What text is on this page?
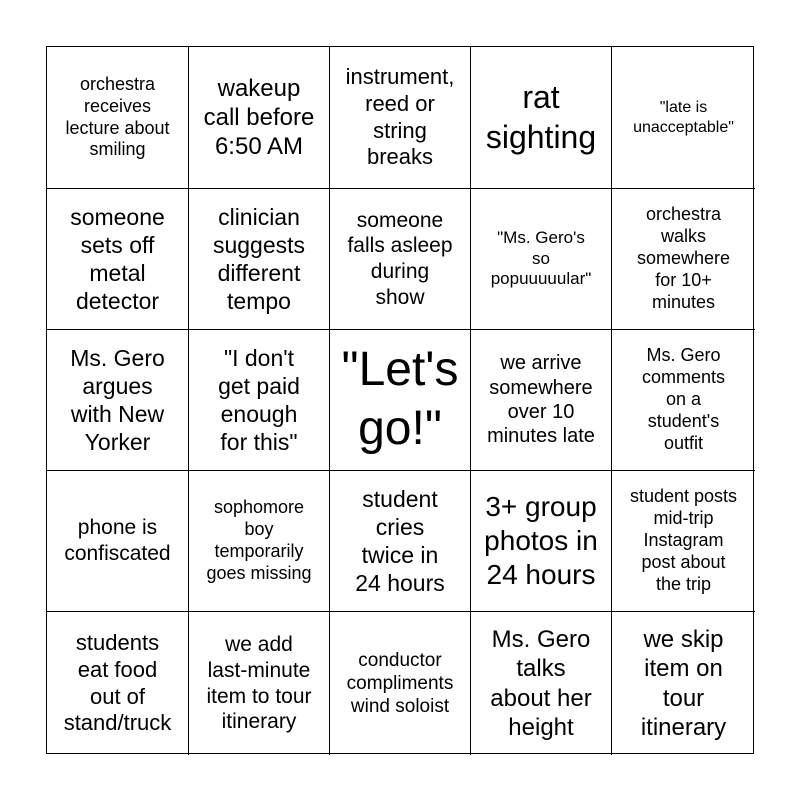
orchestra
receives
lecture about
smiling
wakeup
call before
6:50 AM
instrument,
reed or
string
breaks
rat
sighting
"late is
unacceptable"
someone
sets off
metal
detector
clinician
suggests
different
tempo
someone
falls asleep
during
show
"Ms. Gero's
so
popuuuuular"
orchestra
walks
somewhere
for 10+
minutes
Ms. Gero
argues
with New
Yorker
"I don't
get paid
enough
for this"
"Let's
go!"
we arrive
somewhere
over 10
minutes late
Ms. Gero
comments
on a
student's
outfit
phone is
confiscated
sophomore
boy
temporarily
goes missing
student
cries
twice in
24 hours
3+ group
photos in
24 hours
student posts
mid-trip
Instagram
post about
the trip
students
eat food
out of
stand/truck
we add
last-minute
item to tour
itinerary
conductor
compliments
wind soloist
Ms. Gero
talks
about her
height
we skip
item on
tour
itinerary
